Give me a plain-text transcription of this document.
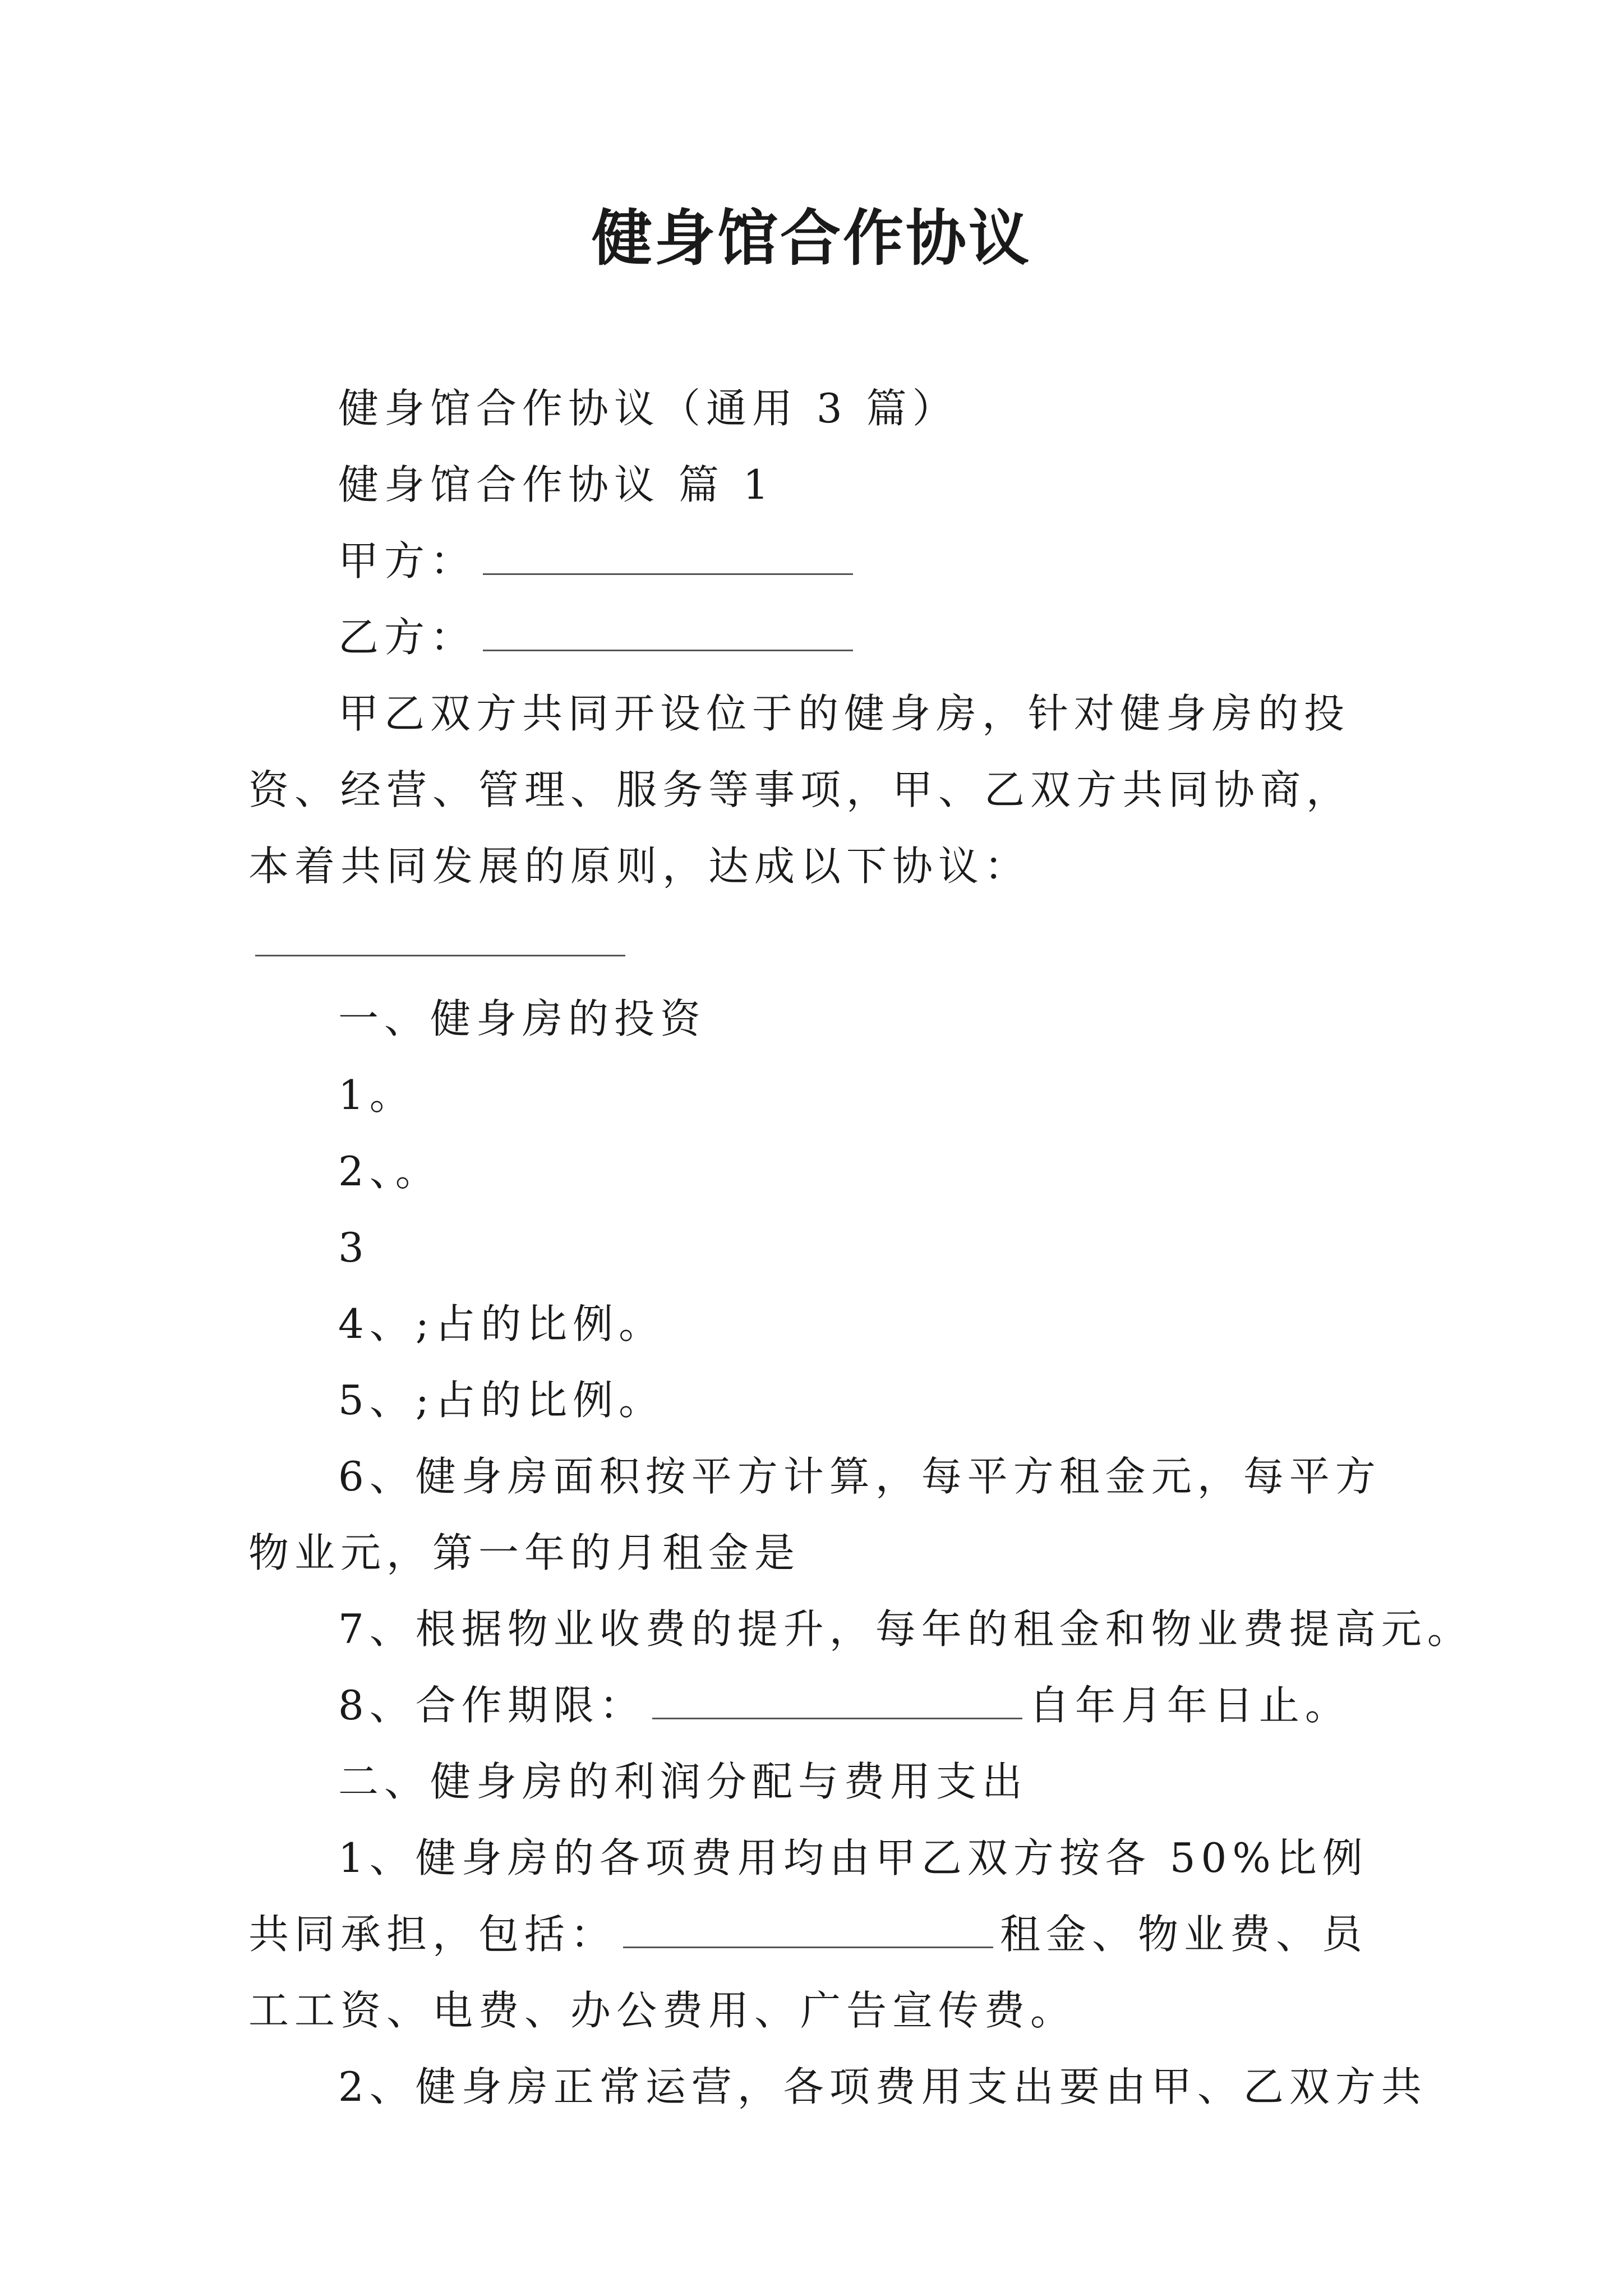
健身馆合作协议

健身馆合作协议（通用 3 篇）

健身馆合作协议 篇 1

甲方：

乙方：

甲乙双方共同开设位于的健身房，针对健身房的投资、经营、管理、服务等事项，甲、乙双方共同协商，本着共同发展的原则，达成以下协议：

一、健身房的投资

1。

2、。

3

4、;占的比例。

5、;占的比例。

6、健身房面积按平方计算，每平方租金元，每平方物业元，第一年的月租金是

7、根据物业收费的提升，每年的租金和物业费提高元。

8、合作期限：	自年月年日止。

二、健身房的利润分配与费用支出

1、健身房的各项费用均由甲乙双方按各 50%比例共同承担，包括：	租金、物业费、员工工资、电费、办公费用、广告宣传费。

2、健身房正常运营，各项费用支出要由甲、乙双方共
